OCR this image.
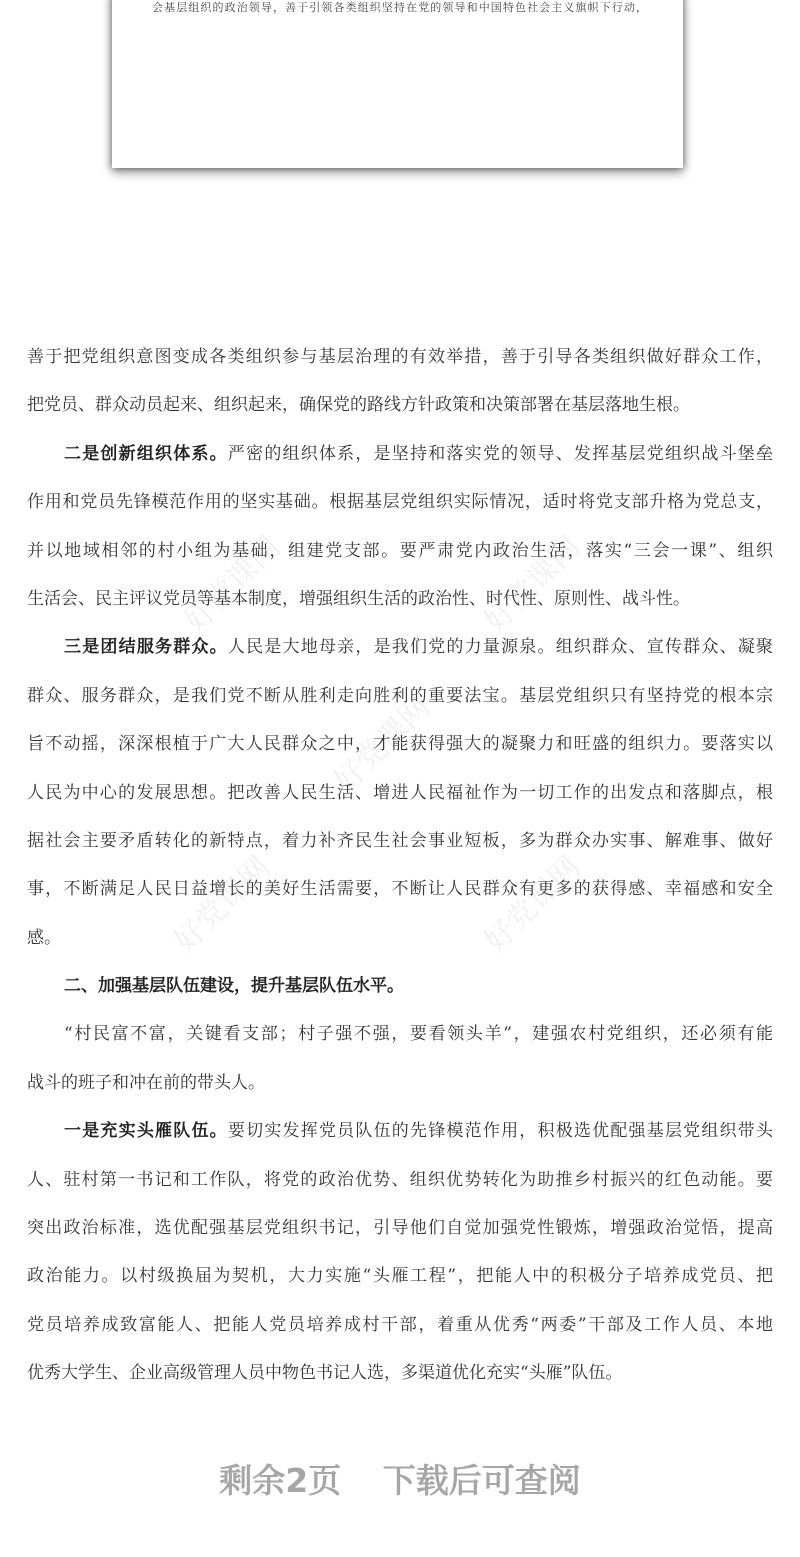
会基层组织的政治领导，善于引领各类组织坚持在党的领导和中国特色社会主义旗帜下行动，
好党课网	好党课网
好党课网
好党课网	好党课网
善于把党组织意图变成各类组织参与基层治理的有效举措，善于引导各类组织做好群众工作，
把党员、群众动员起来、组织起来，确保党的路线方针政策和决策部署在基层落地生根。
二是创新组织体系。严密的组织体系，是坚持和落实党的领导、发挥基层党组织战斗堡垒
作用和党员先锋模范作用的坚实基础。根据基层党组织实际情况，适时将党支部升格为党总支，
并以地域相邻的村小组为基础，组建党支部。要严肃党内政治生活，落实“三会一课”、组织
生活会、民主评议党员等基本制度，增强组织生活的政治性、时代性、原则性、战斗性。
三是团结服务群众。人民是大地母亲，是我们党的力量源泉。组织群众、宣传群众、凝聚
群众、服务群众，是我们党不断从胜利走向胜利的重要法宝。基层党组织只有坚持党的根本宗
旨不动摇，深深根植于广大人民群众之中，才能获得强大的凝聚力和旺盛的组织力。要落实以
人民为中心的发展思想。把改善人民生活、增进人民福祉作为一切工作的出发点和落脚点，根
据社会主要矛盾转化的新特点，着力补齐民生社会事业短板，多为群众办实事、解难事、做好
事，不断满足人民日益增长的美好生活需要，不断让人民群众有更多的获得感、幸福感和安全
感。
二、加强基层队伍建设，提升基层队伍水平。
“村民富不富，关键看支部；村子强不强，要看领头羊”，建强农村党组织，还必须有能
战斗的班子和冲在前的带头人。
一是充实头雁队伍。要切实发挥党员队伍的先锋模范作用，积极选优配强基层党组织带头
人、驻村第一书记和工作队，将党的政治优势、组织优势转化为助推乡村振兴的红色动能。要
突出政治标准，选优配强基层党组织书记，引导他们自觉加强党性锻炼，增强政治觉悟，提高
政治能力。以村级换届为契机，大力实施“头雁工程”，把能人中的积极分子培养成党员、把
党员培养成致富能人、把能人党员培养成村干部，着重从优秀“两委”干部及工作人员、本地
优秀大学生、企业高级管理人员中物色书记人选，多渠道优化充实“头雁”队伍。
剩余2页 下载后可查阅
